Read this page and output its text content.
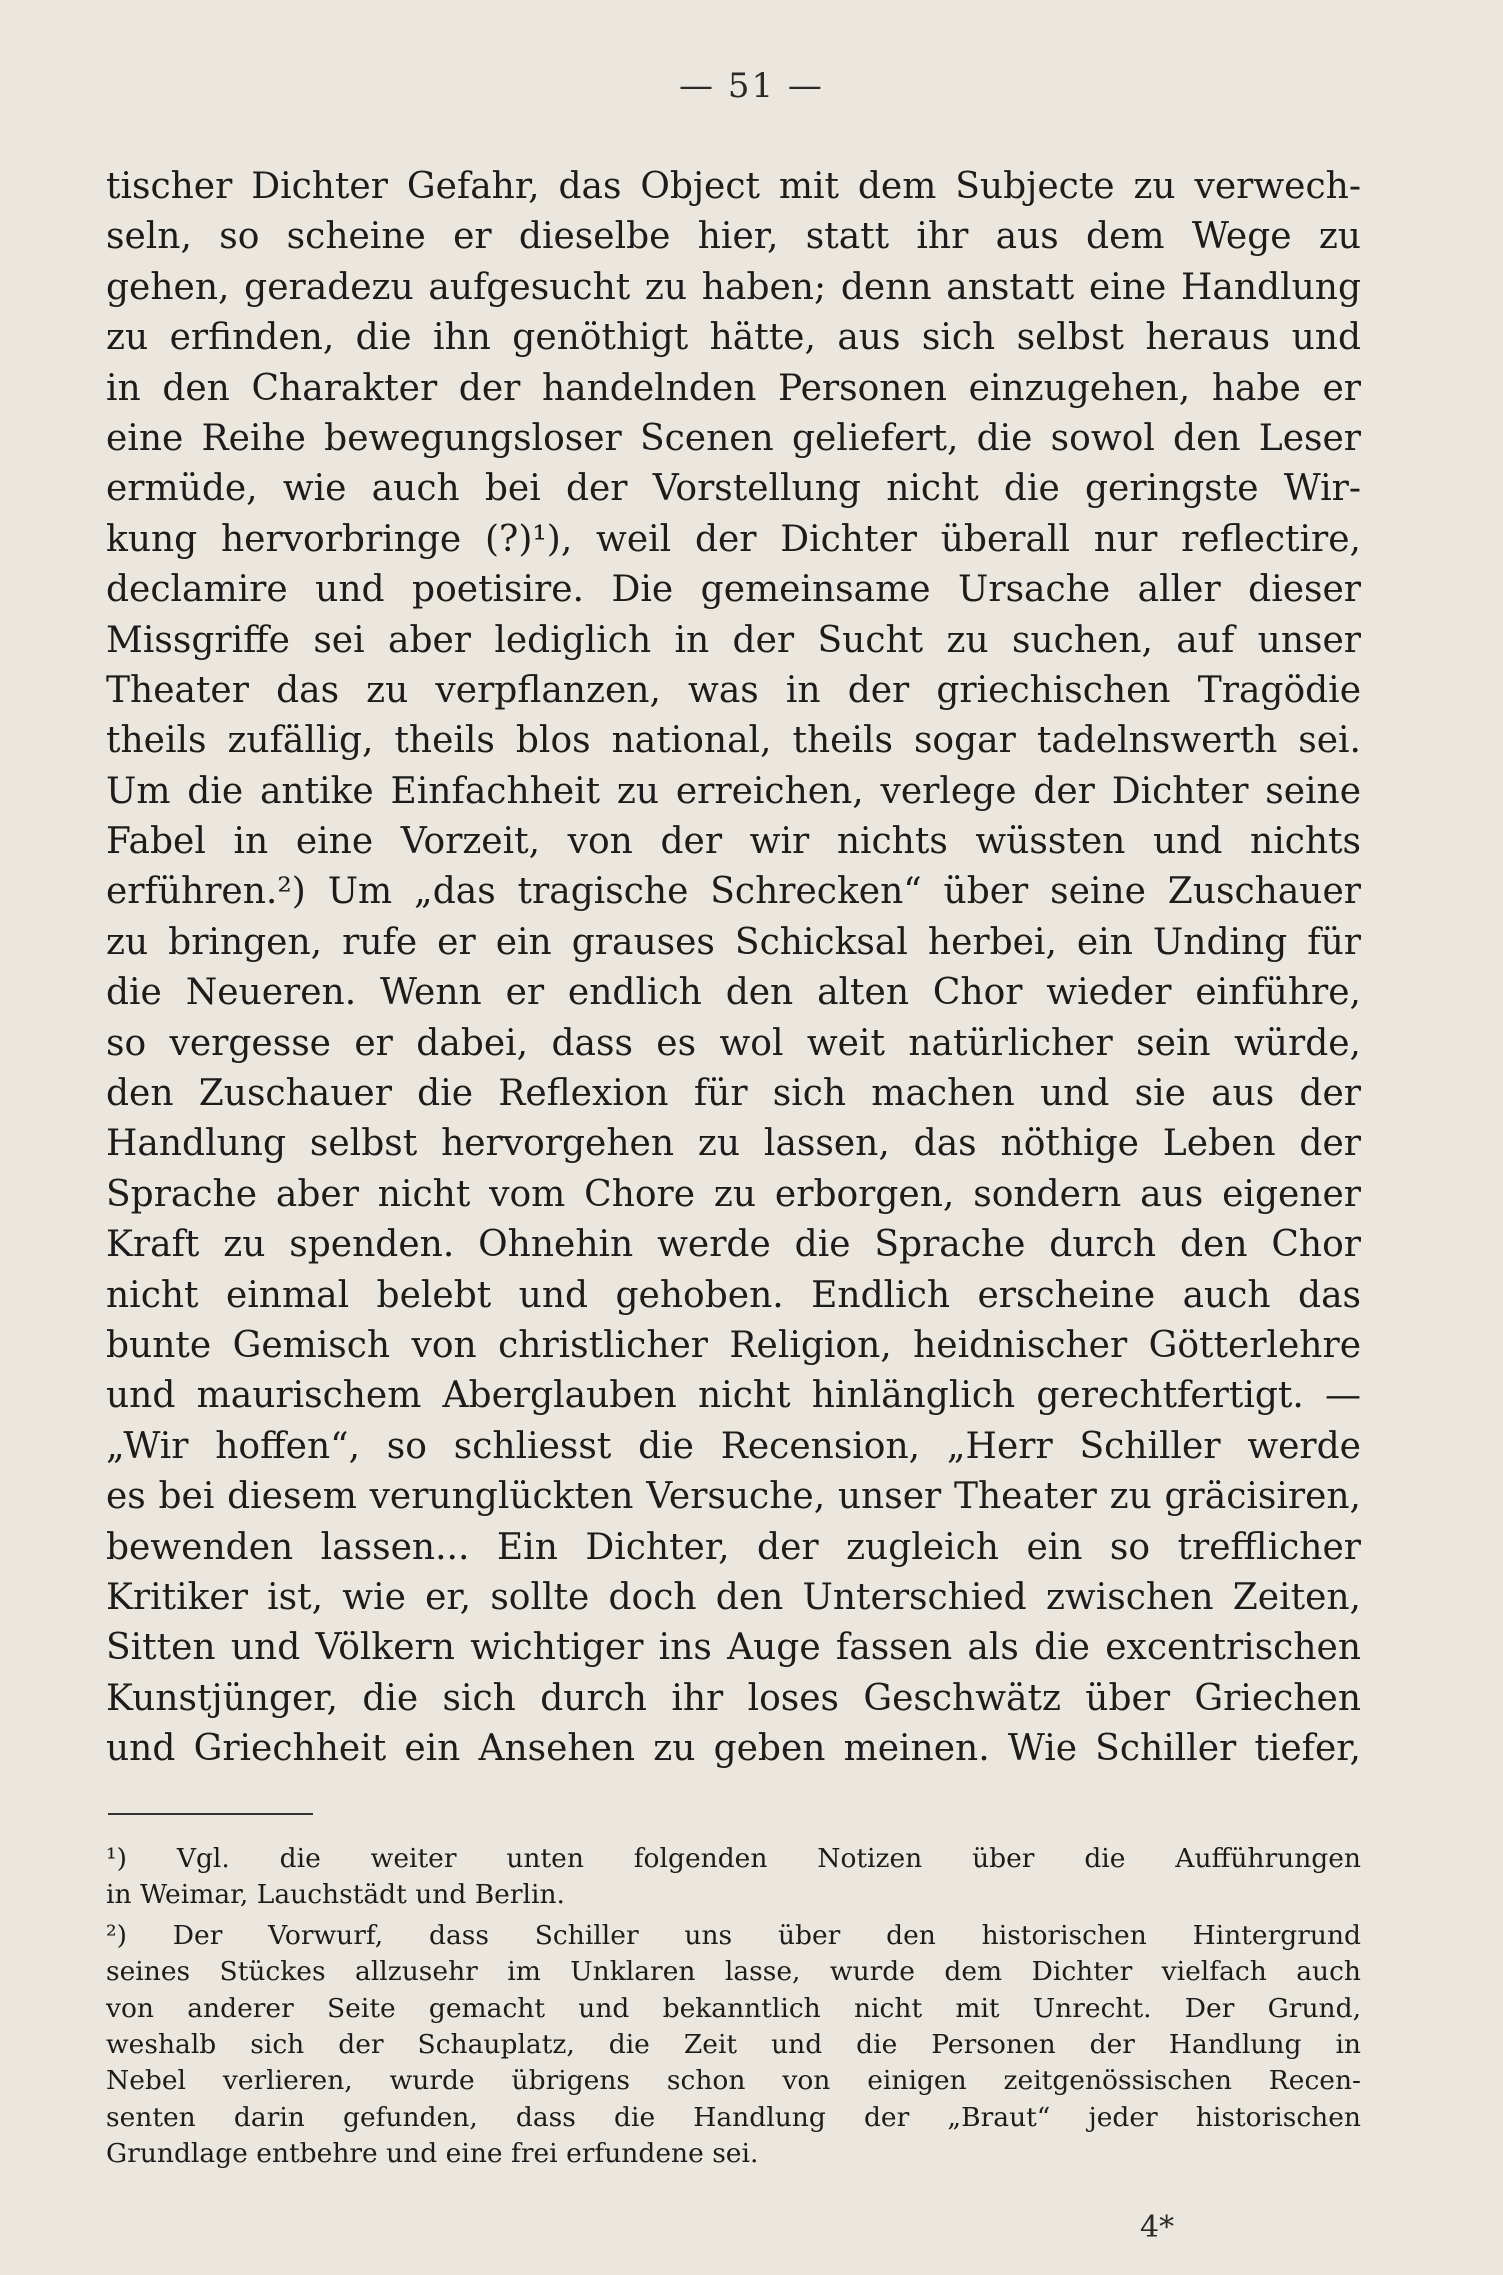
— 51 —
tischer Dichter Gefahr, das Object mit dem Subjecte zu verwech-
seln, so scheine er dieselbe hier, statt ihr aus dem Wege zu
gehen, geradezu aufgesucht zu haben; denn anstatt eine Handlung
zu erfinden, die ihn genöthigt hätte, aus sich selbst heraus und
in den Charakter der handelnden Personen einzugehen, habe er
eine Reihe bewegungsloser Scenen geliefert, die sowol den Leser
ermüde, wie auch bei der Vorstellung nicht die geringste Wir-
kung hervorbringe (?)¹), weil der Dichter überall nur reflectire,
declamire und poetisire. Die gemeinsame Ursache aller dieser
Missgriffe sei aber lediglich in der Sucht zu suchen, auf unser
Theater das zu verpflanzen, was in der griechischen Tragödie
theils zufällig, theils blos national, theils sogar tadelnswerth sei.
Um die antike Einfachheit zu erreichen, verlege der Dichter seine
Fabel in eine Vorzeit, von der wir nichts wüssten und nichts
erführen.²) Um „das tragische Schrecken“ über seine Zuschauer
zu bringen, rufe er ein grauses Schicksal herbei, ein Unding für
die Neueren. Wenn er endlich den alten Chor wieder einführe,
so vergesse er dabei, dass es wol weit natürlicher sein würde,
den Zuschauer die Reflexion für sich machen und sie aus der
Handlung selbst hervorgehen zu lassen, das nöthige Leben der
Sprache aber nicht vom Chore zu erborgen, sondern aus eigener
Kraft zu spenden. Ohnehin werde die Sprache durch den Chor
nicht einmal belebt und gehoben. Endlich erscheine auch das
bunte Gemisch von christlicher Religion, heidnischer Götterlehre
und maurischem Aberglauben nicht hinlänglich gerechtfertigt. —
„Wir hoffen“, so schliesst die Recension, „Herr Schiller werde
es bei diesem verunglückten Versuche, unser Theater zu gräcisiren,
bewenden lassen... Ein Dichter, der zugleich ein so trefflicher
Kritiker ist, wie er, sollte doch den Unterschied zwischen Zeiten,
Sitten und Völkern wichtiger ins Auge fassen als die excentrischen
Kunstjünger, die sich durch ihr loses Geschwätz über Griechen
und Griechheit ein Ansehen zu geben meinen. Wie Schiller tiefer,
¹) Vgl. die weiter unten folgenden Notizen über die Aufführungen
in Weimar, Lauchstädt und Berlin.
²) Der Vorwurf, dass Schiller uns über den historischen Hintergrund
seines Stückes allzusehr im Unklaren lasse, wurde dem Dichter vielfach auch
von anderer Seite gemacht und bekanntlich nicht mit Unrecht. Der Grund,
weshalb sich der Schauplatz, die Zeit und die Personen der Handlung in
Nebel verlieren, wurde übrigens schon von einigen zeitgenössischen Recen-
senten darin gefunden, dass die Handlung der „Braut“ jeder historischen
Grundlage entbehre und eine frei erfundene sei.
4*
